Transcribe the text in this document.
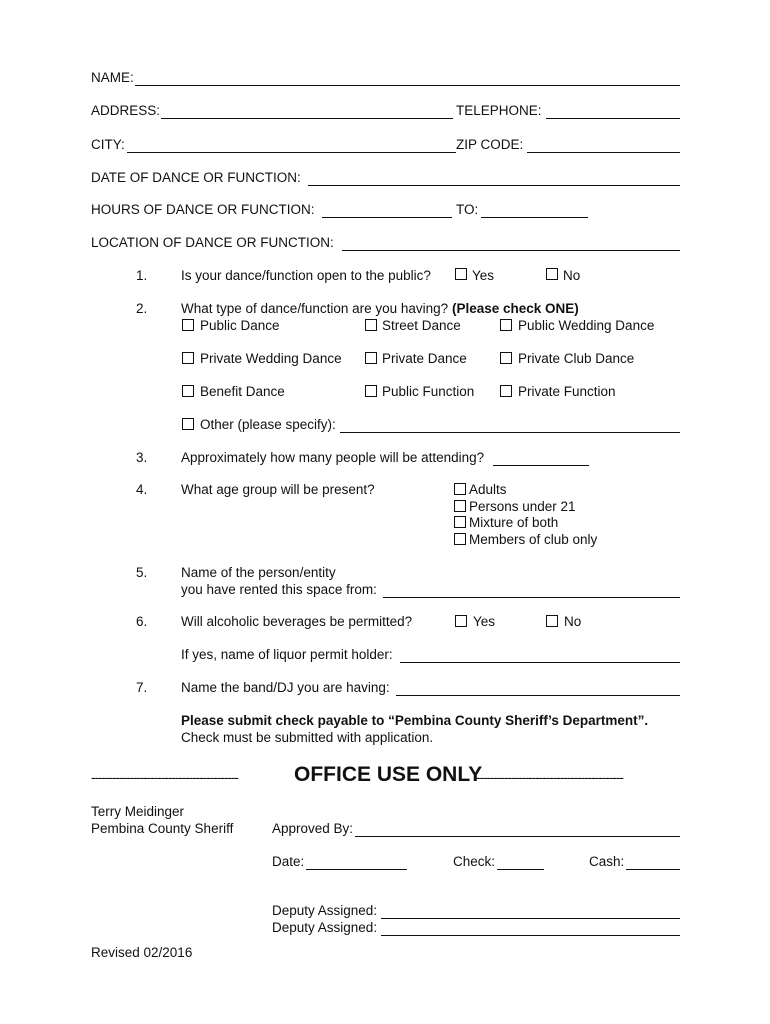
NAME:
ADDRESS:	TELEPHONE:
CITY:	ZIP CODE:
DATE OF DANCE OR FUNCTION:
HOURS OF DANCE OR FUNCTION:	TO:
LOCATION OF DANCE OR FUNCTION:
1. Is your dance/function open to the public?	Yes	No
2. What type of dance/function are you having? (Please check ONE)
Public Dance	Street Dance	Public Wedding Dance
Private Wedding Dance	Private Dance	Private Club Dance
Benefit Dance	Public Function	Private Function
Other (please specify):
3. Approximately how many people will be attending?
4. What age group will be present?	Adults
Persons under 21
Mixture of both
Members of club only
5. Name of the person/entity
you have rented this space from:
6. Will alcoholic beverages be permitted?	Yes	No
If yes, name of liquor permit holder:
7. Name the band/DJ you are having:
Please submit check payable to “Pembina County Sheriff’s Department”.
Check must be submitted with application.
------------------------------------------	OFFICE USE ONLY
------------------------------------------
Terry Meidinger
Pembina County Sheriff	Approved By:
Date:	Check:	Cash:
Deputy Assigned:
Deputy Assigned:
Revised 02/2016
